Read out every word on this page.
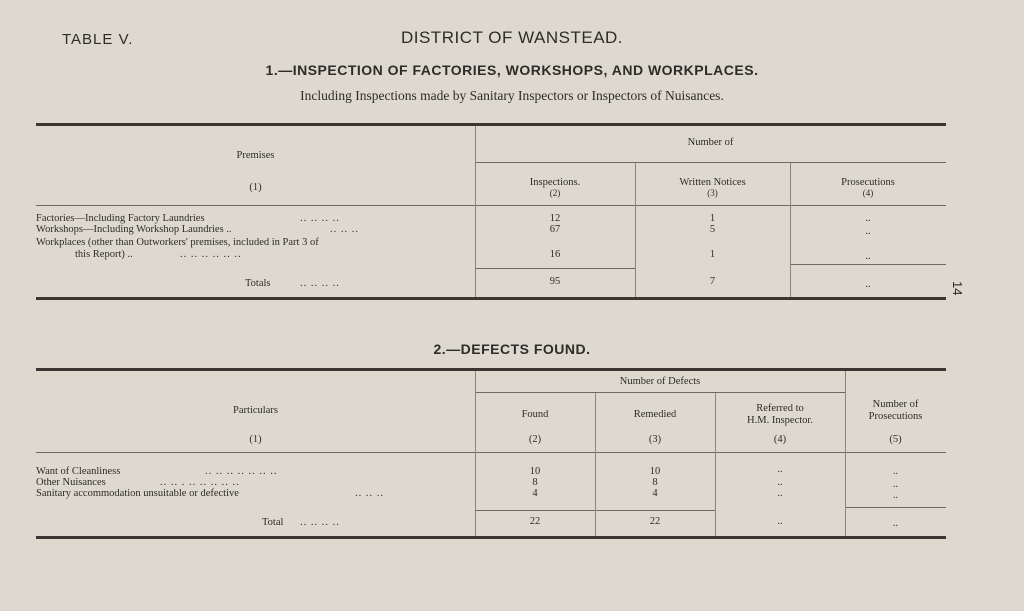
TABLE V.	DISTRICT OF WANSTEAD.
1.—INSPECTION OF FACTORIES, WORKSHOPS, AND WORKPLACES.
Including Inspections made by Sanitary Inspectors or Inspectors of Nuisances.
14
Premises
(1)
Number of
Inspections.
(2)
Written Notices
(3)
Prosecutions
(4)
Factories—Including Factory Laundries	.. .. .. ..	12	1	..
Workshops—Including Workshop Laundries ..	.. .. ..	67	5	..
Workplaces (other than Outworkers' premises, included in Part 3 of
this Report) ..	.. .. .. .. .. ..	16	1	..
Totals	.. .. .. ..	95	7	..
2.—DEFECTS FOUND.
Particulars
(1)
Number of Defects
Found
(2)
Remedied
(3)
Referred to
H.M. Inspector.
(4)
Number of
Prosecutions
(5)
Want of Cleanliness	.. .. .. .. .. .. ..	10	10	..	..
Other Nuisances	.. .. . .. .. .. .. ..	8	8	..	..
Sanitary accommodation unsuitable or defective	.. .. ..	4	4	..	..
Total .. .. .. ..	22	22	..	..
